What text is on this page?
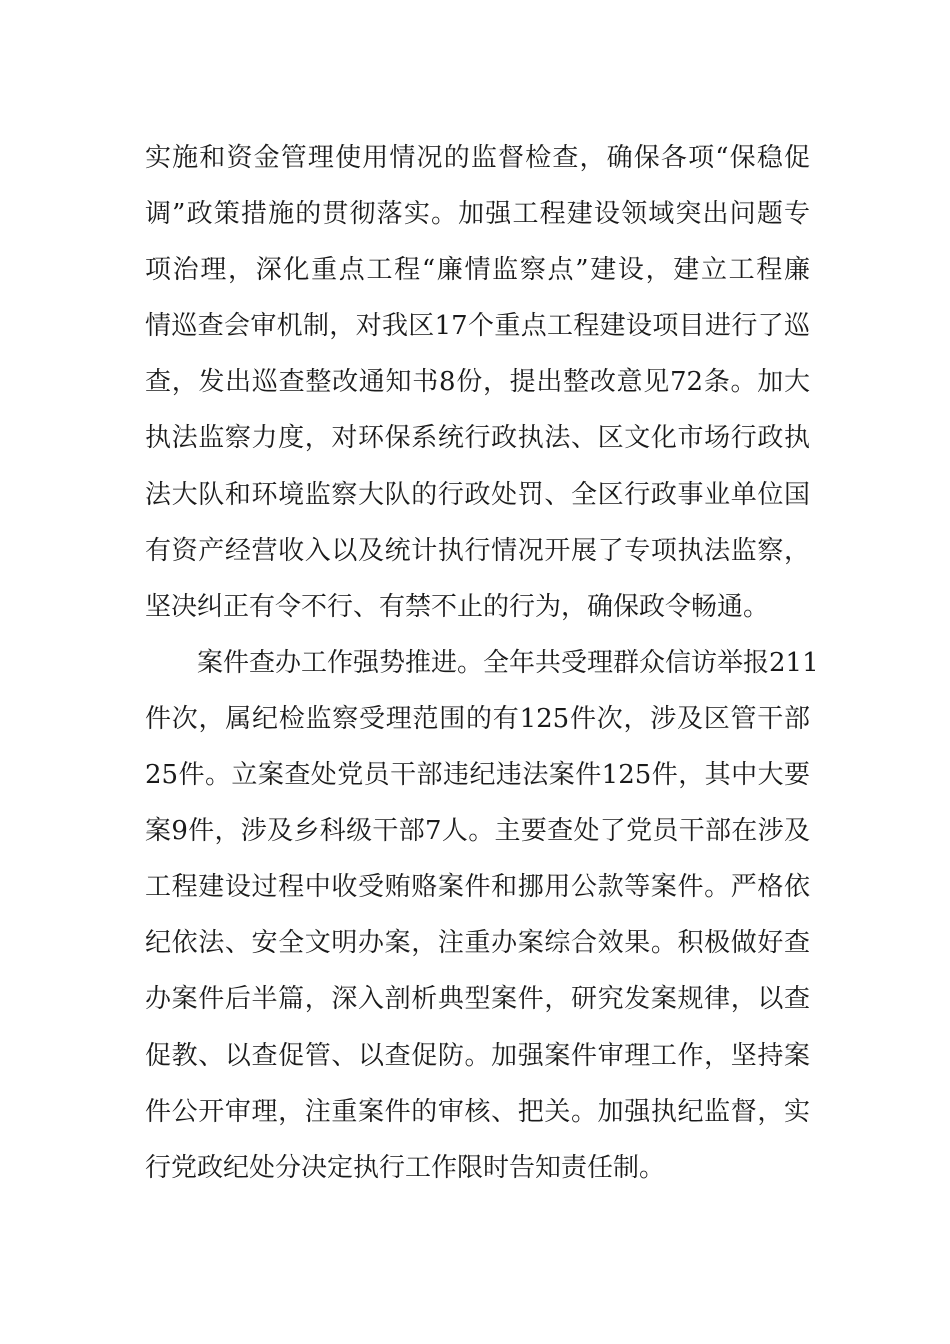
实施和资金管理使用情况的监督检查，确保各项“保稳促
调”政策措施的贯彻落实。加强工程建设领域突出问题专
项治理，深化重点工程“廉情监察点”建设，建立工程廉
情巡查会审机制，对我区17个重点工程建设项目进行了巡
查，发出巡查整改通知书8份，提出整改意见72条。加大
执法监察力度，对环保系统行政执法、区文化市场行政执
法大队和环境监察大队的行政处罚、全区行政事业单位国
有资产经营收入以及统计执行情况开展了专项执法监察，
坚决纠正有令不行、有禁不止的行为，确保政令畅通。
案件查办工作强势推进。全年共受理群众信访举报211
件次，属纪检监察受理范围的有125件次，涉及区管干部
25件。立案查处党员干部违纪违法案件125件，其中大要
案9件，涉及乡科级干部7人。主要查处了党员干部在涉及
工程建设过程中收受贿赂案件和挪用公款等案件。严格依
纪依法、安全文明办案，注重办案综合效果。积极做好查
办案件后半篇，深入剖析典型案件，研究发案规律，以查
促教、以查促管、以查促防。加强案件审理工作，坚持案
件公开审理，注重案件的审核、把关。加强执纪监督，实
行党政纪处分决定执行工作限时告知责任制。
